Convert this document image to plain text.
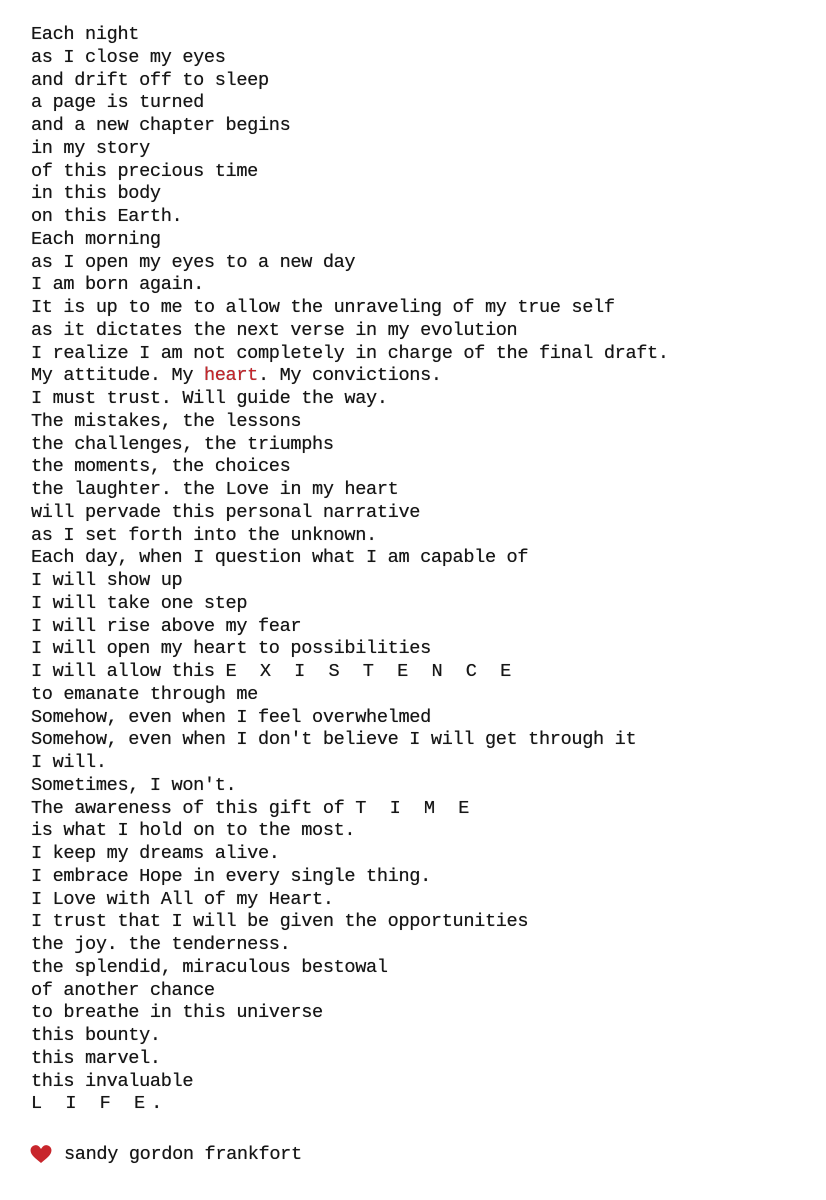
Each night
as I close my eyes
and drift off to sleep
a page is turned
and a new chapter begins
in my story
of this precious time
in this body
on this Earth.
Each morning
as I open my eyes to a new day
I am born again.
It is up to me to allow the unraveling of my true self
as it dictates the next verse in my evolution
I realize I am not completely in charge of the final draft.
My attitude. My heart. My convictions.
I must trust. Will guide the way.
The mistakes, the lessons
the challenges, the triumphs
the moments, the choices
the laughter. the Love in my heart
will pervade this personal narrative
as I set forth into the unknown.
Each day, when I question what I am capable of
I will show up
I will take one step
I will rise above my fear
I will open my heart to possibilities
I will allow this E X I S T E N C E
to emanate through me
Somehow, even when I feel overwhelmed
Somehow, even when I don't believe I will get through it
I will.
Sometimes, I won't.
The awareness of this gift of T I M E
is what I hold on to the most.
I keep my dreams alive.
I embrace Hope in every single thing.
I Love with All of my Heart.
I trust that I will be given the opportunities
the joy. the tenderness.
the splendid, miraculous bestowal
of another chance
to breathe in this universe
this bounty.
this marvel.
this invaluable
L I F E.
sandy gordon frankfort
